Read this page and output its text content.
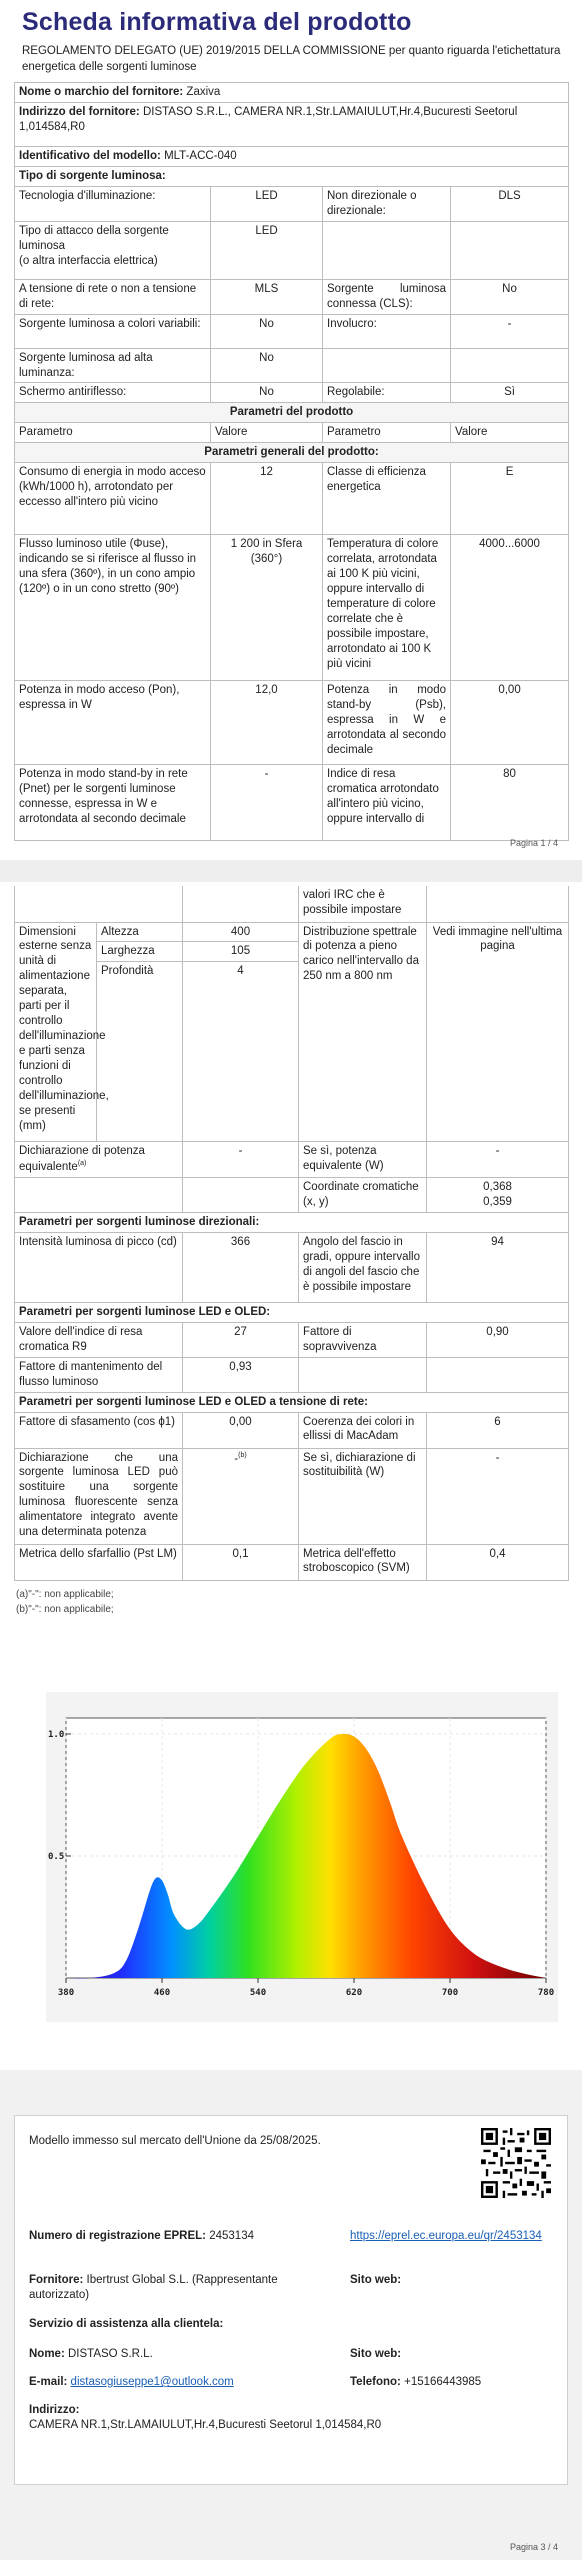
Scheda informativa del prodotto
REGOLAMENTO DELEGATO (UE) 2019/2015 DELLA COMMISSIONE per quanto riguarda l'etichettatura energetica delle sorgenti luminose
Nome o marchio del fornitore: Zaxiva			
Indirizzo del fornitore: DISTASO S.R.L., CAMERA NR.1,Str.LAMAIULUT,Hr.4,Bucuresti Seetorul 1,014584,R0			
Identificativo del modello: MLT-ACC-040			
Tipo di sorgente luminosa:			
Tecnologia d'illuminazione:	LED	Non direzionale o direzionale:	DLS
Tipo di attacco della sorgente luminosa
(o altra interfaccia elettrica)	LED		
A tensione di rete o non a tensione di rete:	MLS	Sorgente luminosa connessa (CLS):	No
Sorgente luminosa a colori variabili:	No	Involucro:	-
Sorgente luminosa ad alta luminanza:	No		
Schermo antiriflesso:	No	Regolabile:	Sì
Parametri del prodotto			
Parametro	Valore	Parametro	Valore
Parametri generali del prodotto:			
Consumo di energia in modo acceso (kWh/1000 h), arrotondato per eccesso all'intero più vicino	12	Classe di efficienza energetica	E
Flusso luminoso utile (Φuse), indicando se si riferisce al flusso in una sfera (360º), in un cono ampio (120º) o in un cono stretto (90º)	1 200 in Sfera (360°)	Temperatura di colore correlata, arrotondata ai 100 K più vicini, oppure intervallo di temperature di colore correlate che è possibile impostare, arrotondato ai 100 K più vicini	4000...6000
Potenza in modo acceso (Pon), espressa in W	12,0	Potenza in modo stand-by (Psb), espressa in W e arrotondata al secondo decimale	0,00
Potenza in modo stand-by in rete (Pnet) per le sorgenti luminose connesse, espressa in W e arrotondata al secondo decimale	-	Indice di resa cromatica arrotondato all'intero più vicino, oppure intervallo di	80
Pagina 1 / 4
			valori IRC che è possibile impostare	
Dimensioni esterne senza unità di alimentazione separata, parti per il controllo dell'illuminazione e parti senza funzioni di controllo dell'illuminazione, se presenti (mm)	Altezza	400	Distribuzione spettrale di potenza a pieno carico nell'intervallo da 250 nm a 800 nm	Vedi immagine nell'ultima pagina
	Larghezza	105		
	Profondità	4		
Dichiarazione di potenza equivalente$^{(a)}$		-	Se sì, potenza equivalente (W)	-
			Coordinate cromatiche (x, y)	0,368
0,359

Parametri per sorgenti luminose direzionali:				
Intensità luminosa di picco (cd)		366	Angolo del fascio in gradi, oppure intervallo di angoli del fascio che è possibile impostare	94
Parametri per sorgenti luminose LED e OLED:				
Valore dell'indice di resa cromatica R9		27	Fattore di sopravvivenza	0,90
Fattore di mantenimento del flusso luminoso		0,93		
Parametri per sorgenti luminose LED e OLED a tensione di rete:				
Fattore di sfasamento (cos ϕ1)		0,00	Coerenza dei colori in ellissi di MacAdam	6
Dichiarazione che una sorgente luminosa LED può sostituire una sorgente luminosa fluorescente senza alimentatore integrato avente una determinata potenza		-$^{(b)}$	Se sì, dichiarazione di sostituibilità (W)	-
Metrica dello sfarfallio (Pst LM)		0,1	Metrica dell'effetto stroboscopico (SVM)	0,4
(a)"-": non applicabile;
(b)"-": non applicabile;
380	460	540	620	700	780
0.5
1.0
Modello immesso sul mercato dell'Unione da 25/08/2025.
Numero di registrazione EPREL: 2453134	https://eprel.ec.europa.eu/qr/2453134
Fornitore: Ibertrust Global S.L. (Rappresentante autorizzato)
Sito web:
Servizio di assistenza alla clientela:
Nome: DISTASO S.R.L.	Sito web:
E-mail: distasogiuseppe1@outlook.com	Telefono: +15166443985
Indirizzo:
CAMERA NR.1,Str.LAMAIULUT,Hr.4,Bucuresti Seetorul 1,014584,R0
Pagina 3 / 4
